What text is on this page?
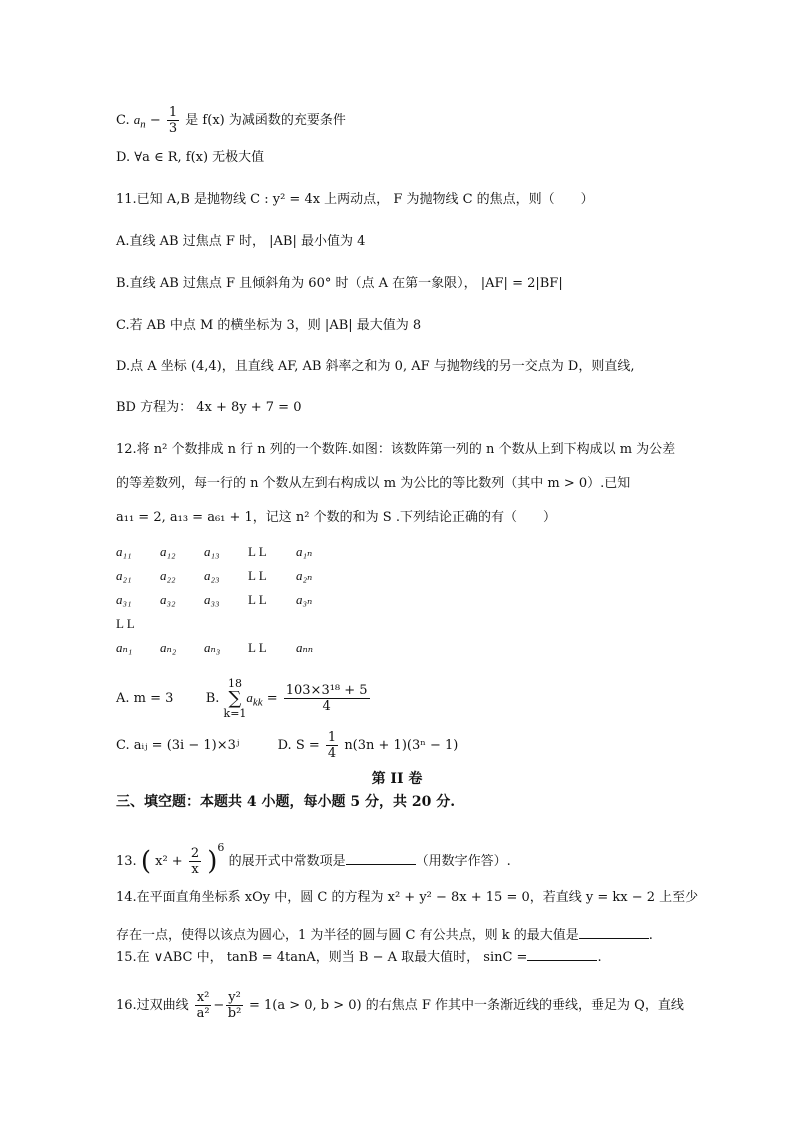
C. $a_n - \frac{1}{3}$ 是 f(x) 为减函数的充要条件
D. ∀a ∈ R, f(x) 无极大值
11.已知 A,B 是抛物线 C : y² = 4x 上两动点， F 为抛物线 C 的焦点，则（　　）
A.直线 AB 过焦点 F 时， |AB| 最小值为 4
B.直线 AB 过焦点 F 且倾斜角为 60° 时（点 A 在第一象限）， |AF| = 2|BF|
C.若 AB 中点 M 的横坐标为 3，则 |AB| 最大值为 8
D.点 A 坐标 (4,4)，且直线 AF, AB 斜率之和为 0, AF 与抛物线的另一交点为 D，则直线,
BD 方程为： 4x + 8y + 7 = 0
12.将 n² 个数排成 n 行 n 列的一个数阵.如图：该数阵第一列的 n 个数从上到下构成以 m 为公差
的等差数列，每一行的 n 个数从左到右构成以 m 为公比的等比数列（其中 m > 0）.已知
a₁₁ = 2, a₁₃ = a₆₁ + 1，记这 n² 个数的和为 S .下列结论正确的有（　　）
a₁₁ a₁₂ a₁₃ L L a₁ₙ
a₂₁ a₂₂ a₂₃ L L a₂ₙ
a₃₁ a₃₂ a₃₃ L L a₃ₙ
L L
aₙ₁ aₙ₂ aₙ₃ L L aₙₙ
A. m = 3 B.
18
∑
k=1
$a_{kk} = \frac{\text{103×3¹⁸ + 5}}{4}$
C. aᵢⱼ = (3i − 1)×3ʲ	D. $S = \frac{1}{4} n(3n + 1)(3^n - 1)$
第 II 卷
三、填空题：本题共 4 小题，每小题 5 分，共 20 分.
13. ( $x^2 + \frac{2}{x} )^6$ 的展开式中常数项是	（用数字作答）.
14.在平面直角坐标系 xOy 中，圆 C 的方程为 x² + y² − 8x + 15 = 0，若直线 y = kx − 2 上至少
存在一点，使得以该点为圆心，1 为半径的圆与圆 C 有公共点，则 k 的最大值是	.
15.在 ∨ABC 中， tanB = 4tanA，则当 B − A 取最大值时， sinC =	.
16.过双曲线 $\frac{\text{x²}}{\text{a²}} - \frac{\text{y²}}{\text{b²}} = 1(a > 0$, b > 0) 的右焦点 F 作其中一条渐近线的垂线，垂足为 Q，直线
